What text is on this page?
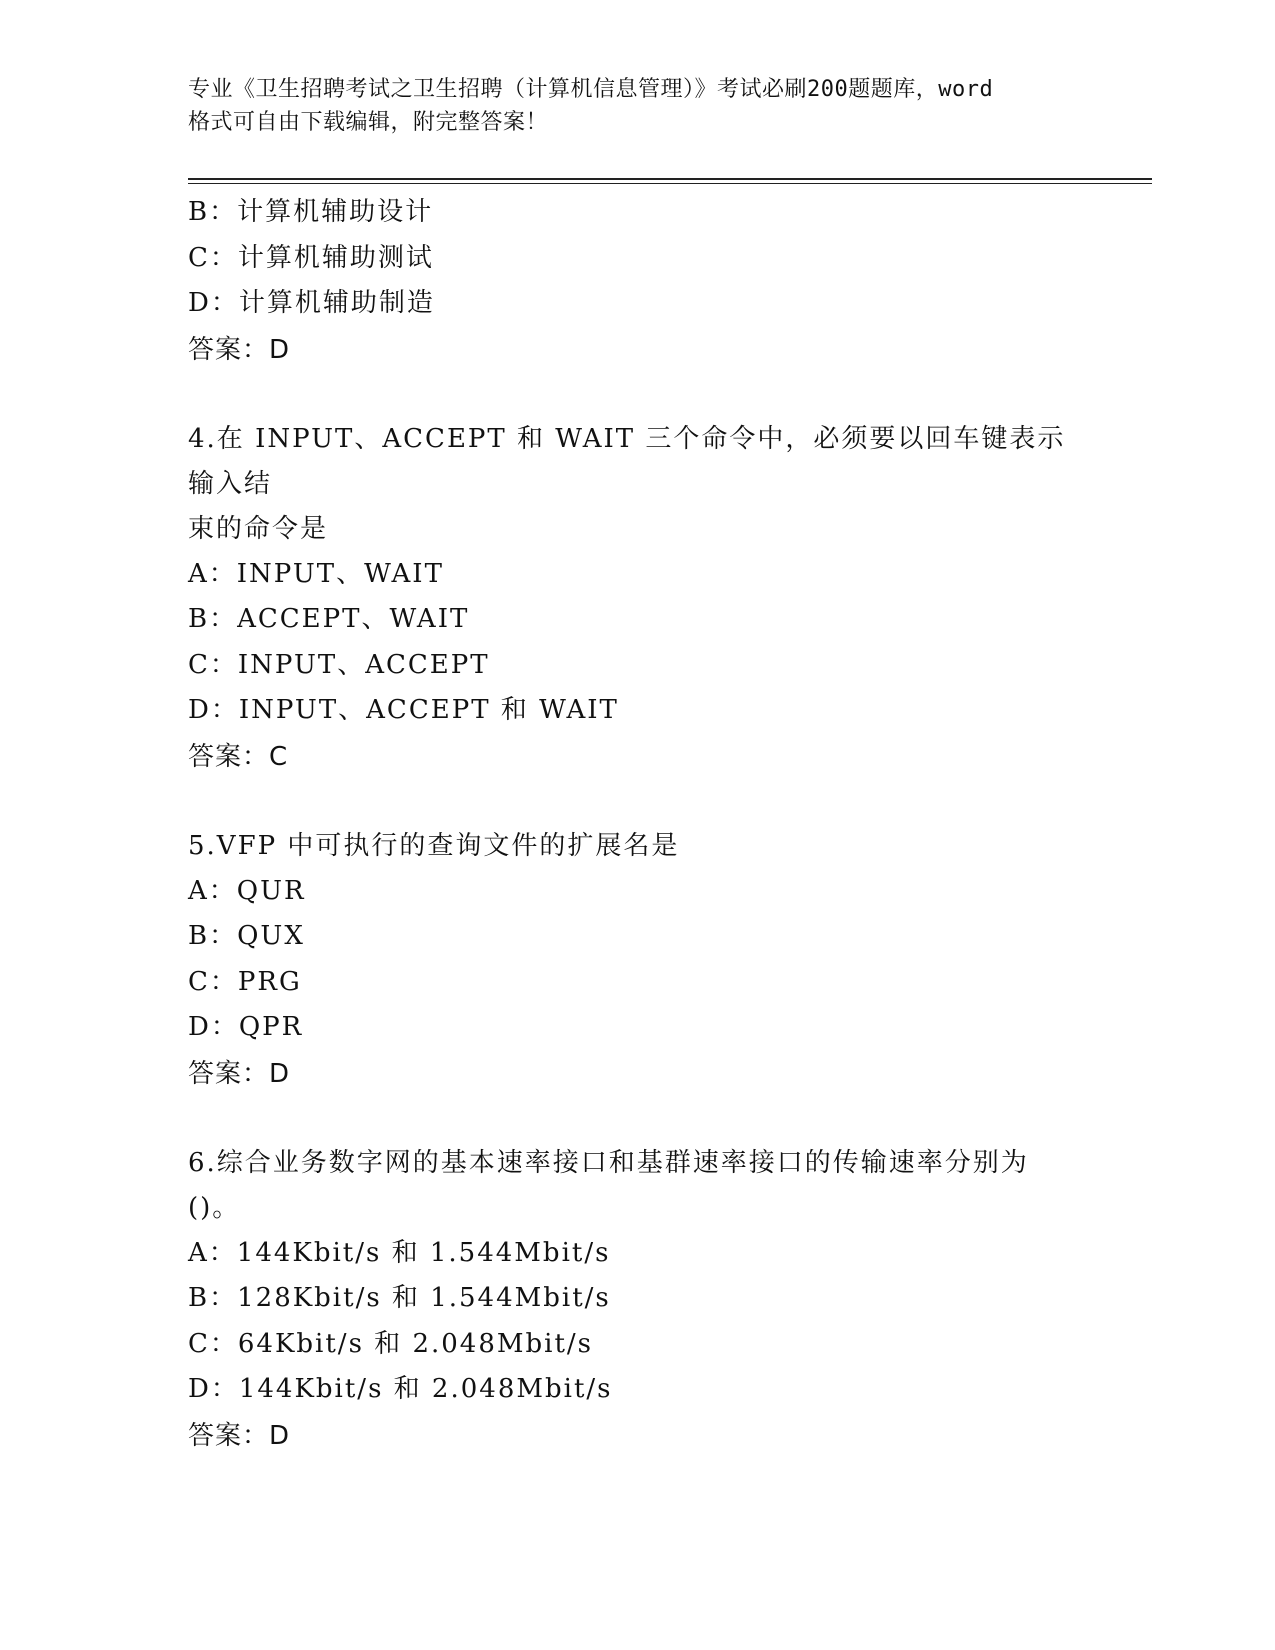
专业《卫生招聘考试之卫生招聘（计算机信息管理）》考试必刷200题题库，word
格式可自由下载编辑，附完整答案！
B：计算机辅助设计
C：计算机辅助测试
D：计算机辅助制造
答案：D
4.在 INPUT、ACCEPT 和 WAIT 三个命令中，必须要以回车键表示输入结
束的命令是
A：INPUT、WAIT
B：ACCEPT、WAIT
C：INPUT、ACCEPT
D：INPUT、ACCEPT 和 WAIT
答案：C
5.VFP 中可执行的查询文件的扩展名是
A：QUR
B：QUX
C：PRG
D：QPR
答案：D
6.综合业务数字网的基本速率接口和基群速率接口的传输速率分别为
()。
A：144Kbit/s 和 1.544Mbit/s
B：128Kbit/s 和 1.544Mbit/s
C：64Kbit/s 和 2.048Mbit/s
D：144Kbit/s 和 2.048Mbit/s
答案：D
